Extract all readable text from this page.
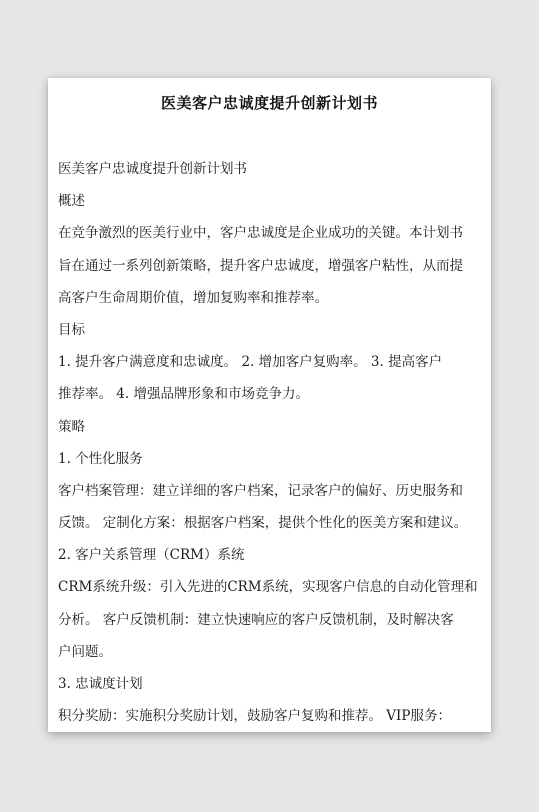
医美客户忠诚度提升创新计划书

医美客户忠诚度提升创新计划书

概述

在竞争激烈的医美行业中，客户忠诚度是企业成功的关键。本计划书

旨在通过一系列创新策略，提升客户忠诚度，增强客户粘性，从而提

高客户生命周期价值，增加复购率和推荐率。

目标

1. 提升客户满意度和忠诚度。 2. 增加客户复购率。 3. 提高客户

推荐率。 4. 增强品牌形象和市场竞争力。

策略

1. 个性化服务

客户档案管理：建立详细的客户档案，记录客户的偏好、历史服务和

反馈。 定制化方案：根据客户档案，提供个性化的医美方案和建议。

2. 客户关系管理（CRM）系统

CRM系统升级：引入先进的CRM系统，实现客户信息的自动化管理和

分析。 客户反馈机制：建立快速响应的客户反馈机制，及时解决客

户问题。

3. 忠诚度计划

积分奖励：实施积分奖励计划，鼓励客户复购和推荐。 VIP服务：
